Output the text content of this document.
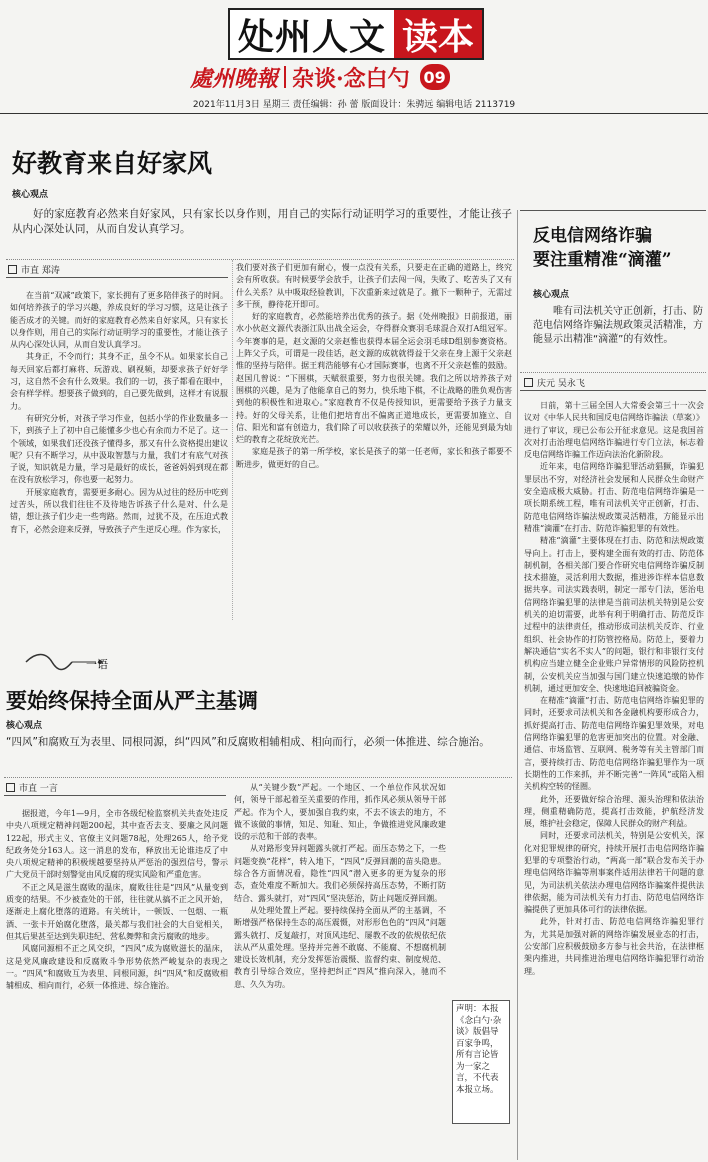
处州人文 读本
處州晚報 杂谈·念白勺 09
2021年11月3日 星期三 责任编辑：孙 蕾 版面设计：朱骋远 编辑电话 2113719
好教育来自好家风
核心观点
好的家庭教育必然来自好家风，只有家长以身作则，用自己的实际行动证明学习的重要性，才能让孩子从内心深处认同，从而自发认真学习。
市直 郑涛

在当前“双减”政策下，家长拥有了更多陪伴孩子的时间。如何培养孩子的学习兴趣，养成良好的学习习惯，这是让孩子能否成才的关键。而好的家庭教育必然来自好家风，只有家长以身作则，用自己的实际行动证明学习的重要性，才能让孩子从内心深处认同，从而自发认真学习。

其身正，不令而行；其身不正，虽令不从。如果家长自己每天回家后都打麻将、玩游戏、刷视频，却要求孩子好好学习，这自然不会有什么效果。我们的一切，孩子都看在眼中，会有样学样。想要孩子做到的，自己要先做到，这样才有说服力。

有研究分析，对孩子学习作业，包括小学的作业数量多一下，到孩子上了初中自己能懂多少也心有余而力不足了。这一个领域，如果我们还没孩子懂得多，那又有什么资格提出建议呢？只有不断学习，从中汲取智慧与力量，我们才有底气对孩子说，知识就是力量，学习是最好的成长，爸爸妈妈到现在都在没有放松学习，你也要一起努力。

开展家庭教育，需要更多耐心。因为从过往的经历中吃到过苦头，所以我们往往不及待地告诉孩子什么是对、什么是错，想让孩子们少走一些弯路。然而，过犹不及，在压迫式教育下，必然会迎来反弹，导致孩子产生逆反心理。作为家长，

我们要对孩子们更加有耐心，慢一点没有关系，只要走在正确的道路上，终究会有所收获。有时候要学会放手，让孩子们去闯一闯，失败了、吃苦头了又有什么关系？从中吸取经验教训，下次重新来过就是了。撤下一颗种子，无需过多干预，静待花开即可。

好的家庭教育，必然能培养出优秀的孩子。据《处州晚报》日前报道，丽水小伙赵文源代表浙江队出战全运会，夺得群众赛羽毛球混合双打A组冠军。今年赛事的是，赵文源的父亲赵惟也获得本届全运会羽毛球D组别参赛资格。上阵父子兵，可谓是一段佳话，赵文源的成就就得益于父亲在身上源于父亲赵惟的坚持与陪伴。据王莉浩能够有心才国际赛事，也离不开父亲赵惟的鼓励。赵国几曾说：“下围棋，天赋很重要，努力也很关键。我们之所以培养孩子对围棋的兴趣，是为了他能拿自己的努力，快乐地下棋，不让战略的胜负观伤害到他的积极性和进取心。”家庭教育不仅是传授知识，更需要给予孩子力量支持。好的父母关系，让他们把培育出不偏离正道地成长，更需要加施立、自信、阳光和富有创造力，我们除了可以收获孩子的荣耀以外，还能见到最为灿烂的教育之花绽放光芒。

家庭是孩子的第一所学校，家长是孩子的第一任老师，家长和孩子都要不断进步，做更好的自己。

一语
要始终保持全面从严主基调
核心观点
“四风”和腐败互为表里、同根同源，纠“四风”和反腐败相辅相成、相向而行，必须一体推进、综合施治。
市直 一言

据报道，今年1—9月，全市各级纪检监察机关共查处违反中央八项规定精神问题200起，其中查否去支、要廉之风问题122起，形式主义、官僚主义问题78起，处理265人，给予党纪政务处分163人。这一消息的发布，释放出无论谁违反了中央八项规定精神的积极规越要坚持从严惩治的强烈信号，警示广大党员干部时刻警觉由风反腐的现实风险和严重危害。

不正之风是滋生腐败的温床，腐败往往是“四风”从量变到质变的结果。不少被查处的干部，往往就从搞不正之风开始，逐渐走上腐化堕落的道路。有关统计，一顿饭、一包烟、一瓶酒、一张卡开始腐化堕落，最关都与我们社会的大自觉相关，但其后果甚至达到失职违纪、营私舞弊和贪污腐败的地步。

风腐同源相不正之风交织，“四风”成为腐败滋长的温床，这是党风廉政建设和反腐败斗争形势依然严峻复杂的表现之一。“四风”和腐败互为表里、同根同源，纠“四风”和反腐败相辅相成、相向而行，必须一体推进、综合施治。

从“关键少数”严起。一个地区、一个单位作风状况如何，领导干部起着至关重要的作用，抓作风必须从领导干部严起。作为个人，要加强自我约束，不去不该去的地方，不做不该做的事情，知足、知耻、知止，争做推进党风廉政建设的示范和干部的表率。

从对路形变异问题露头就打严起。面压态势之下，一些问题变换“花样”，转入地下，“四风”反弹回潮的苗头隐患。综合各方面情况看，隐性“四风”潜入更多的更为复杂的形态，查处难度不断加大。我们必须保持高压态势，不断打防结合、露头就打，对“四风”坚决惩治，防止问题反弹回潮。

从处理处置上严起。要持续保持全面从严的主基调，不断增强严格保持生态的高压震慑，对形形色色的“四风”问题露头就打、反复敲打，对顶风违纪、屡教不改的依规依纪依法从严从重处理。坚持并完善不敢腐、不能腐、不想腐机制建设长效机制，充分发挥惩治震慑、监督约束、制度规范、教育引导综合效应，坚持把纠正“四风”推向深入，驰而不息、久久为功。

声明：本报《念白勺·杂谈》版倡导百家争鸣，所有言论皆为一家之言，不代表本报立场。
反电信网络诈骗
要注重精准“滴灌”
核心观点
唯有司法机关守正创新，打击、防范电信网络诈骗法规政策灵活精准，方能显示出精准“滴灌”的有效性。
庆元 吴永飞

日前，第十三届全国人大常委会第三十一次会议对《中华人民共和国反电信网络诈骗法（草案）》进行了审议，现已公布公开征求意见。这是我国首次对打击治理电信网络诈骗进行专门立法，标志着反电信网络诈骗工作迈向法治化新阶段。

近年来，电信网络诈骗犯罪活动猖獗，诈骗犯罪层出不穷，对经济社会发展和人民群众生命财产安全造成极大威胁。打击、防范电信网络诈骗是一项长期系统工程，唯有司法机关守正创新，打击、防范电信网络诈骗法规政策灵活精准，方能显示出精准“滴灌”在打击、防范诈骗犯罪的有效性。

精准“滴灌”主要体现在打击、防范和法规政策导向上。打击上，要构建全面有效的打击、防范体制机制，各相关部门要合作研究电信网络诈骗反制技术措施，灵活利用大数据，推进涉诈样本信息数据共享。司法实践表明，制定一部专门法，惩治电信网络诈骗犯罪的法律是当前司法机关特别是公安机关的迫切需要，此举有利于明确打击、防范反诈过程中的法律责任，推动形成司法机关反诈、行业组织、社会协作的打防管控格局。防范上，要着力解决通信“实名不实人”的问题，银行和非银行支付机构应当建立健全企业账户异常情形的风险防控机制，公安机关应当加强与国门建立快速追缴的协作机制，通过更加安全、快速地追回被骗资金。

在精准“滴灌”打击、防范电信网络诈骗犯罪的同时，还要求司法机关和各金融机构要形成合力，抓好提高打击、防范电信网络诈骗犯罪效果，对电信网络诈骗犯罪的危害更加突出的位置。对金融、通信、市场监管、互联网、税务等有关主管部门而言，要持续打击、防范电信网络诈骗犯罪作为一项长期性的工作来抓，并不断完善“一阵风”或陷入相关机构空转的怪圈。

此外，还要做好综合治理、源头治理和依法治理，侧重精确防范，提高打击效能，护航经济发展，维护社会稳定，保障人民群众的财产利益。

同时，还要求司法机关，特别是公安机关，深化对犯罪规律的研究，持续开展打击电信网络诈骗犯罪的专项整治行动，“两高一部”联合发布关于办理电信网络诈骗等刑事案件适用法律若干问题的意见，为司法机关依法办理电信网络诈骗案件提供法律依据，能为司法机关有力打击、防范电信网络诈骗提供了更加具体可行的法律依据。

此外，针对打击、防范电信网络诈骗犯罪行为，尤其是加强对新的网络诈骗发展业态的打击，公安部门应积极鼓励多方参与社会共治，在法律框架内推进，共同推进治理电信网络诈骗犯罪行动治理。
